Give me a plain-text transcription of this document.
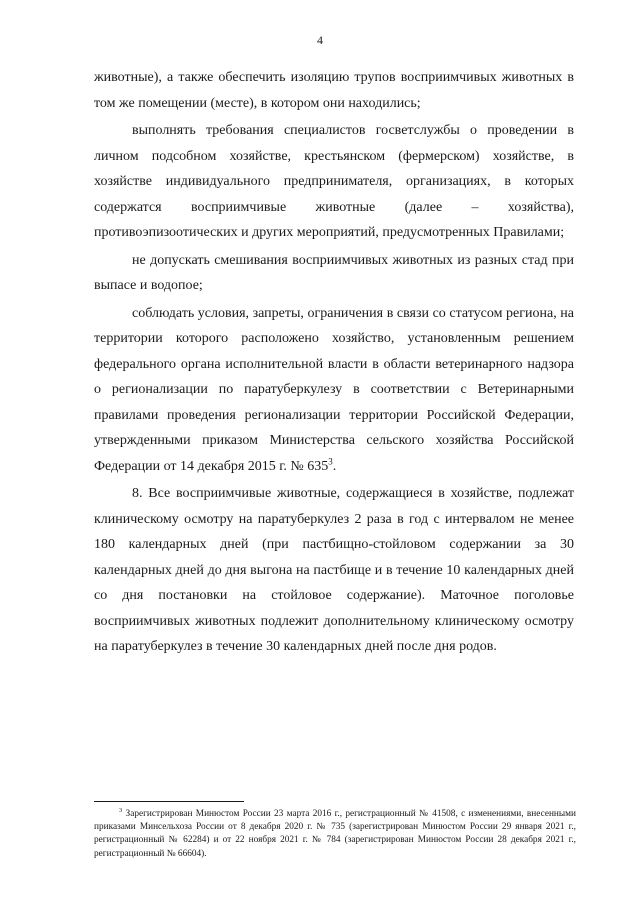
4

животные), а также обеспечить изоляцию трупов восприимчивых животных в том же помещении (месте), в котором они находились;

выполнять требования специалистов госветслужбы о проведении в личном подсобном хозяйстве, крестьянском (фермерском) хозяйстве, в хозяйстве индивидуального предпринимателя, организациях, в которых содержатся восприимчивые животные (далее – хозяйства), противоэпизоотических и других мероприятий, предусмотренных Правилами;

не допускать смешивания восприимчивых животных из разных стад при выпасе и водопое;

соблюдать условия, запреты, ограничения в связи со статусом региона, на территории которого расположено хозяйство, установленным решением федерального органа исполнительной власти в области ветеринарного надзора о регионализации по паратуберкулезу в соответствии с Ветеринарными правилами проведения регионализации территории Российской Федерации, утвержденными приказом Министерства сельского хозяйства Российской Федерации от 14 декабря 2015 г. № $635^3$.

8. Все восприимчивые животные, содержащиеся в хозяйстве, подлежат клиническому осмотру на паратуберкулез 2 раза в год с интервалом не менее 180 календарных дней (при пастбищно-стойловом содержании за 30 календарных дней до дня выгона на пастбище и в течение 10 календарных дней со дня постановки на стойловое содержание). Маточное поголовье восприимчивых животных подлежит дополнительному клиническому осмотру на паратуберкулез в течение 30 календарных дней после дня родов.

$^3$ Зарегистрирован Минюстом России 23 марта 2016 г., регистрационный № 41508, с изменениями, внесенными приказами Минсельхоза России от 8 декабря 2020 г. № 735 (зарегистрирован Минюстом России 29 января 2021 г., регистрационный № 62284) и от 22 ноября 2021 г. № 784 (зарегистрирован Минюстом России 28 декабря 2021 г., регистрационный № 66604).
